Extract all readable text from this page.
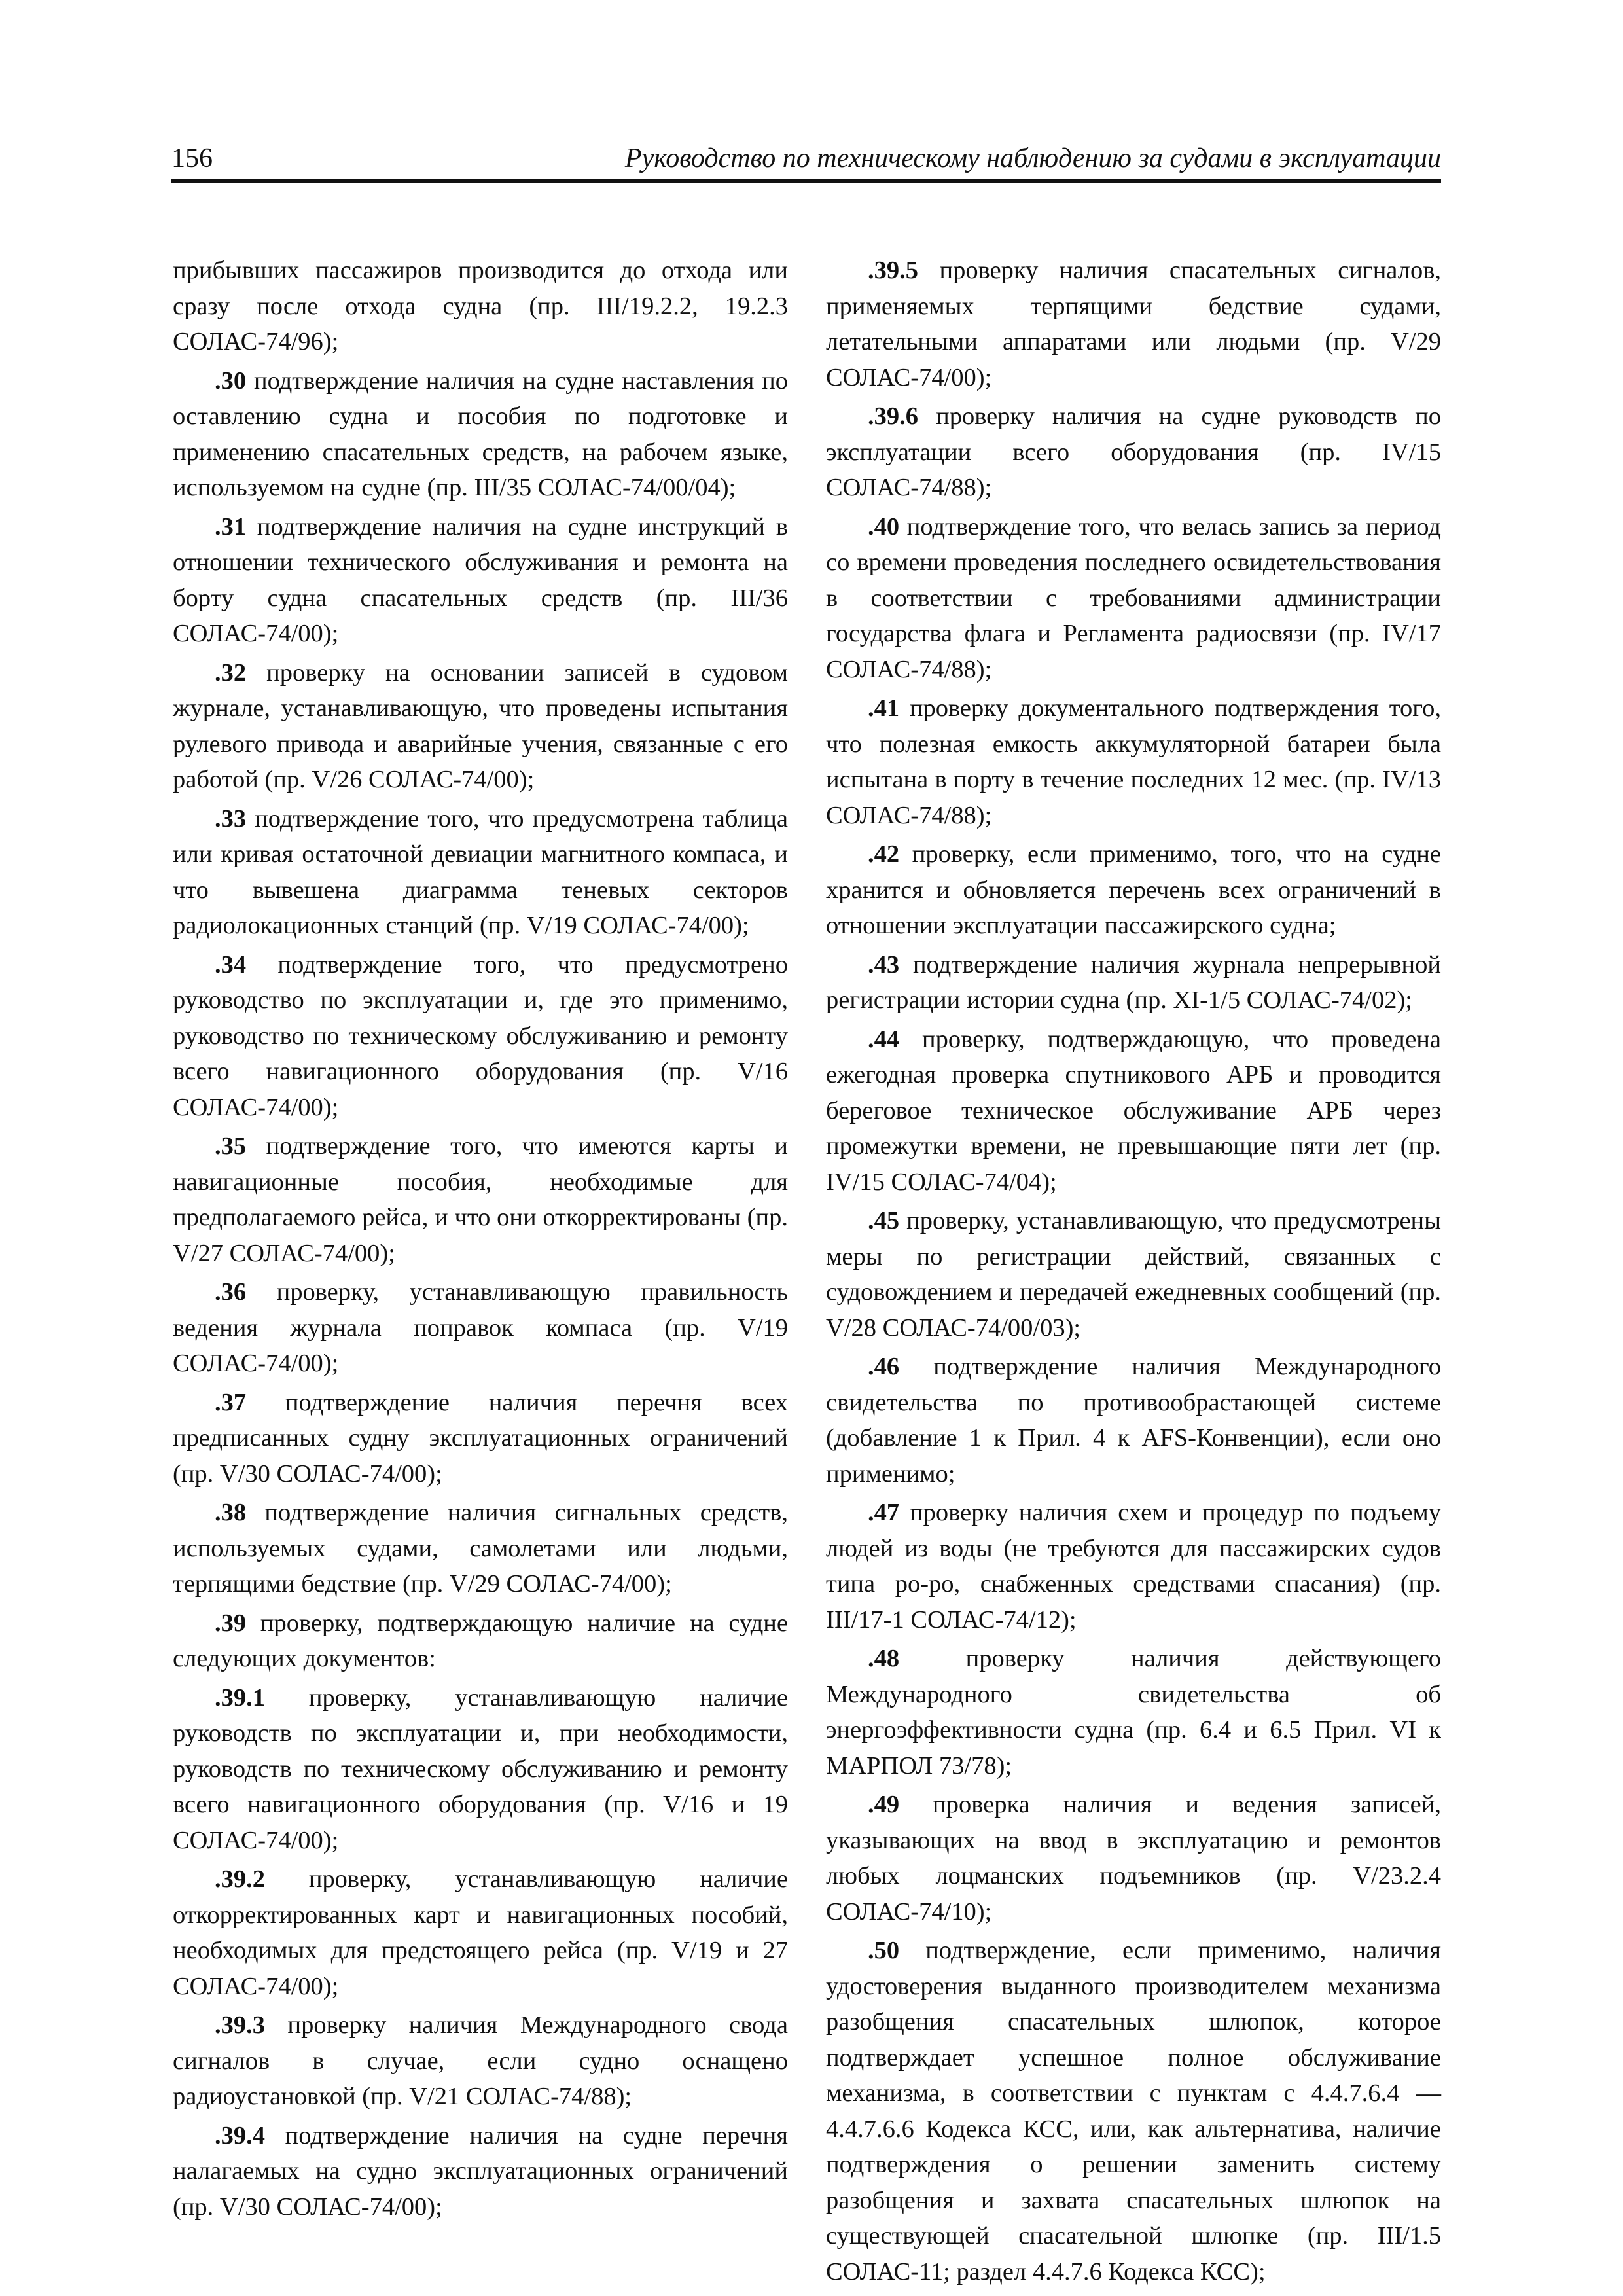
156	Руководство по техническому наблюдению за судами в эксплуатации

прибывших пассажиров производится до отхода или сразу после отхода судна (пр. III/19.2.2, 19.2.3 СОЛАС-74/96);

.30 подтверждение наличия на судне наставления по оставлению судна и пособия по подготовке и применению спасательных средств, на рабочем языке, используемом на судне (пр. III/35 СОЛАС-74/00/04);

.31 подтверждение наличия на судне инструкций в отношении технического обслуживания и ремонта на борту судна спасательных средств (пр. III/36 СОЛАС-74/00);

.32 проверку на основании записей в судовом журнале, устанавливающую, что проведены испытания рулевого привода и аварийные учения, связанные с его работой (пр. V/26 СОЛАС-74/00);

.33 подтверждение того, что предусмотрена таблица или кривая остаточной девиации магнитного компаса, и что вывешена диаграмма теневых секторов радиолокационных станций (пр. V/19 СОЛАС-74/00);

.34 подтверждение того, что предусмотрено руководство по эксплуатации и, где это применимо, руководство по техническому обслуживанию и ремонту всего навигационного оборудования (пр. V/16 СОЛАС-74/00);

.35 подтверждение того, что имеются карты и навигационные пособия, необходимые для предполагаемого рейса, и что они откорректированы (пр. V/27 СОЛАС-74/00);

.36 проверку, устанавливающую правильность ведения журнала поправок компаса (пр. V/19 СОЛАС-74/00);

.37 подтверждение наличия перечня всех предписанных судну эксплуатационных ограничений (пр. V/30 СОЛАС-74/00);

.38 подтверждение наличия сигнальных средств, используемых судами, самолетами или людьми, терпящими бедствие (пр. V/29 СОЛАС-74/00);

.39 проверку, подтверждающую наличие на судне следующих документов:

.39.1 проверку, устанавливающую наличие руководств по эксплуатации и, при необходимости, руководств по техническому обслуживанию и ремонту всего навигационного оборудования (пр. V/16 и 19 СОЛАС-74/00);

.39.2 проверку, устанавливающую наличие откорректированных карт и навигационных пособий, необходимых для предстоящего рейса (пр. V/19 и 27 СОЛАС-74/00);

.39.3 проверку наличия Международного свода сигналов в случае, если судно оснащено радиоустановкой (пр. V/21 СОЛАС-74/88);

.39.4 подтверждение наличия на судне перечня налагаемых на судно эксплуатационных ограничений (пр. V/30 СОЛАС-74/00);

.39.5 проверку наличия спасательных сигналов, применяемых терпящими бедствие судами, летательными аппаратами или людьми (пр. V/29 СОЛАС-74/00);

.39.6 проверку наличия на судне руководств по эксплуатации всего оборудования (пр. IV/15 СОЛАС-74/88);

.40 подтверждение того, что велась запись за период со времени проведения последнего освидетельствования в соответствии с требованиями администрации государства флага и Регламента радиосвязи (пр. IV/17 СОЛАС-74/88);

.41 проверку документального подтверждения того, что полезная емкость аккумуляторной батареи была испытана в порту в течение последних 12 мес. (пр. IV/13 СОЛАС-74/88);

.42 проверку, если применимо, того, что на судне хранится и обновляется перечень всех ограничений в отношении эксплуатации пассажирского судна;

.43 подтверждение наличия журнала непрерывной регистрации истории судна (пр. XI-1/5 СОЛАС-74/02);

.44 проверку, подтверждающую, что проведена ежегодная проверка спутникового АРБ и проводится береговое техническое обслуживание АРБ через промежутки времени, не превышающие пяти лет (пр. IV/15 СОЛАС-74/04);

.45 проверку, устанавливающую, что предусмотрены меры по регистрации действий, связанных с судовождением и передачей ежедневных сообщений (пр. V/28 СОЛАС-74/00/03);

.46 подтверждение наличия Международного свидетельства по противообрастающей системе (добавление 1 к Прил. 4 к AFS-Конвенции), если оно применимо;

.47 проверку наличия схем и процедур по подъему людей из воды (не требуются для пассажирских судов типа ро-ро, снабженных средствами спасания) (пр. III/17-1 СОЛАС-74/12);

.48 проверку наличия действующего Международного свидетельства об энергоэффективности судна (пр. 6.4 и 6.5 Прил. VI к МАРПОЛ 73/78);

.49 проверка наличия и ведения записей, указывающих на ввод в эксплуатацию и ремонтов любых лоцманских подъемников (пр. V/23.2.4 СОЛАС-74/10);

.50 подтверждение, если применимо, наличия удостоверения выданного производителем механизма разобщения спасательных шлюпок, которое подтверждает успешное полное обслуживание механизма, в соответствии с пунктам с 4.4.7.6.4 — 4.4.7.6.6 Кодекса КСС, или, как альтернатива, наличие подтверждения о решении заменить систему разобщения и захвата спасательных шлюпок на существующей спасательной шлюпке (пр. III/1.5 СОЛАС-11; раздел 4.4.7.6 Кодекса КСС);
